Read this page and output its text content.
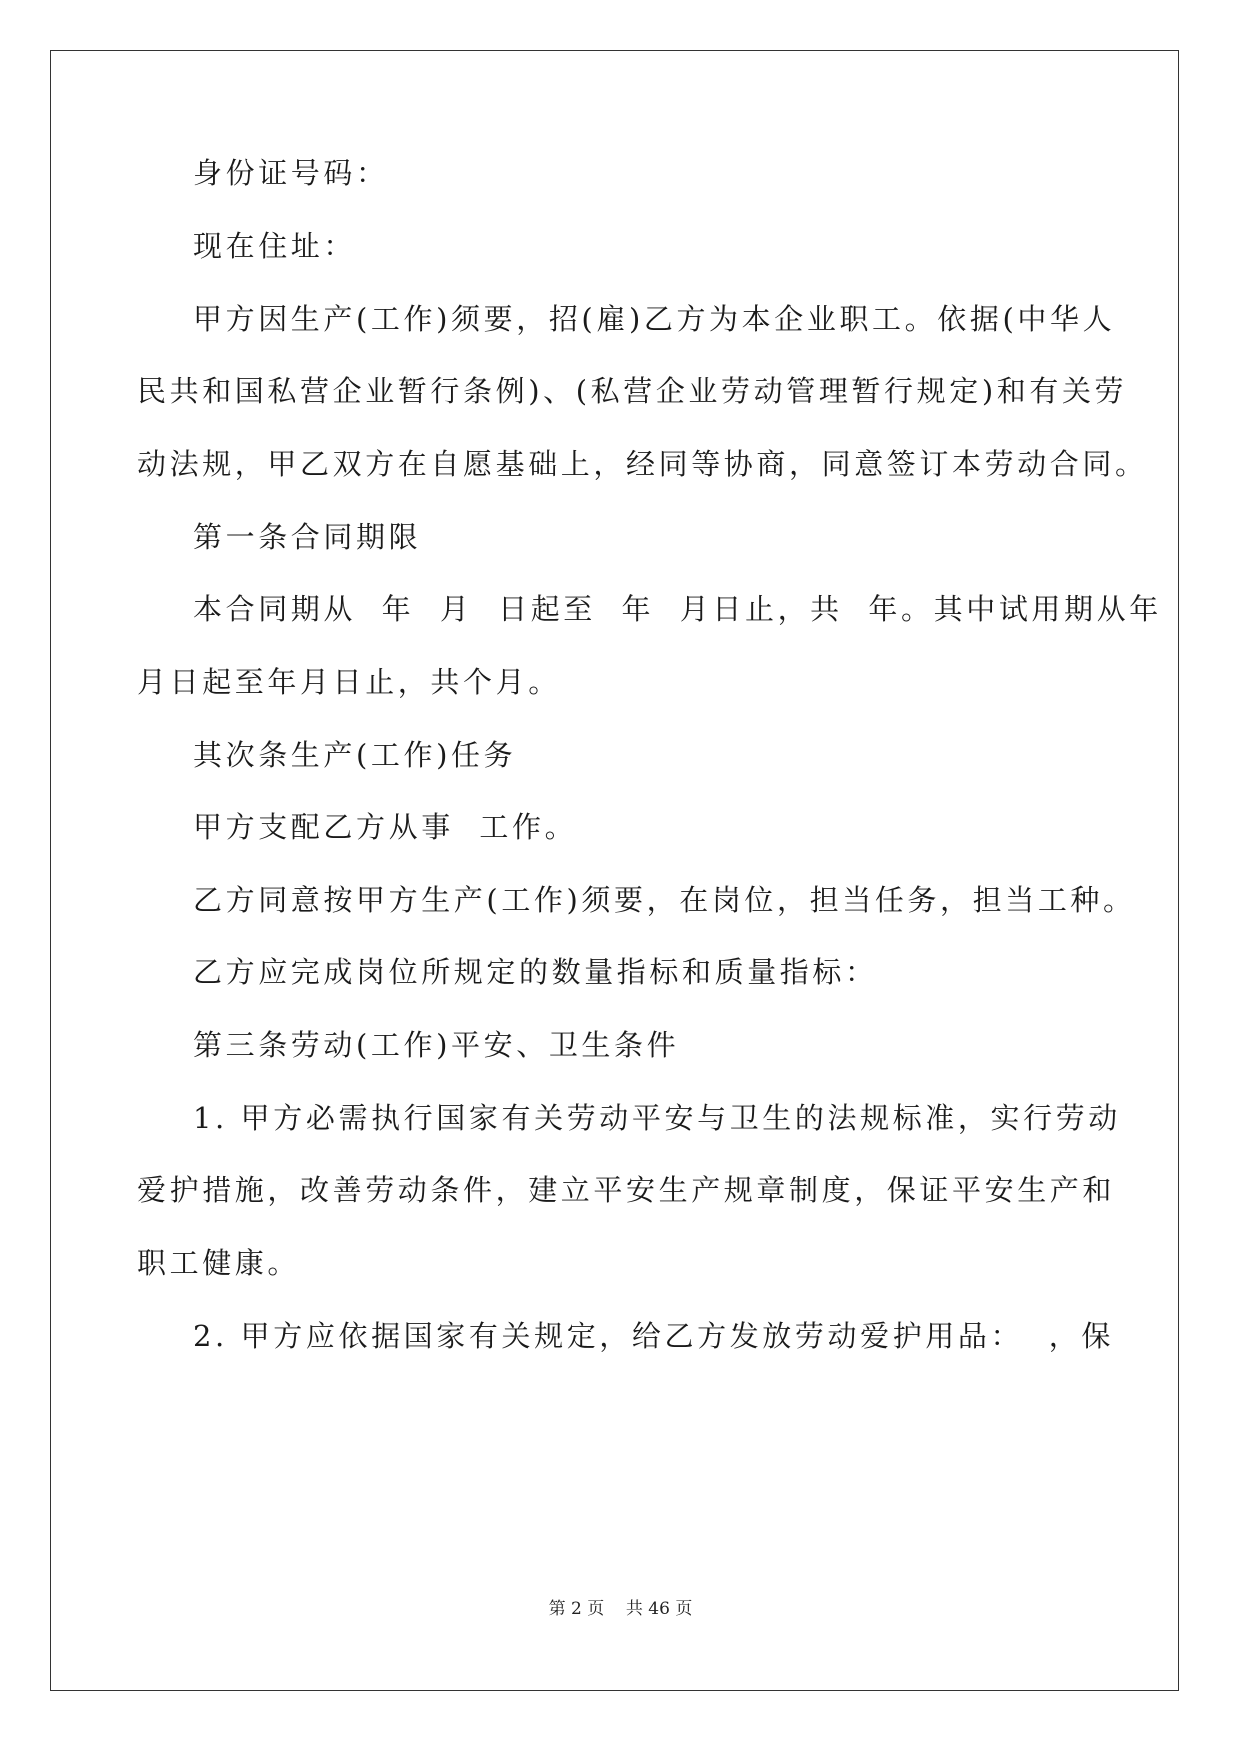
身份证号码：
现在住址：
甲方因生产(工作)须要，招(雇)乙方为本企业职工。依据(中华人
民共和国私营企业暂行条例)、(私营企业劳动管理暂行规定)和有关劳
动法规，甲乙双方在自愿基础上，经同等协商，同意签订本劳动合同。
第一条合同期限
本合同期从  年  月  日起至  年  月日止，共  年。其中试用期从年
月日起至年月日止，共个月。
其次条生产(工作)任务
甲方支配乙方从事  工作。
乙方同意按甲方生产(工作)须要，在岗位，担当任务，担当工种。
乙方应完成岗位所规定的数量指标和质量指标：
第三条劳动(工作)平安、卫生条件
1. 甲方必需执行国家有关劳动平安与卫生的法规标准，实行劳动
爱护措施，改善劳动条件，建立平安生产规章制度，保证平安生产和
职工健康。
2. 甲方应依据国家有关规定，给乙方发放劳动爱护用品：  ，保
第 2 页    共 46 页
